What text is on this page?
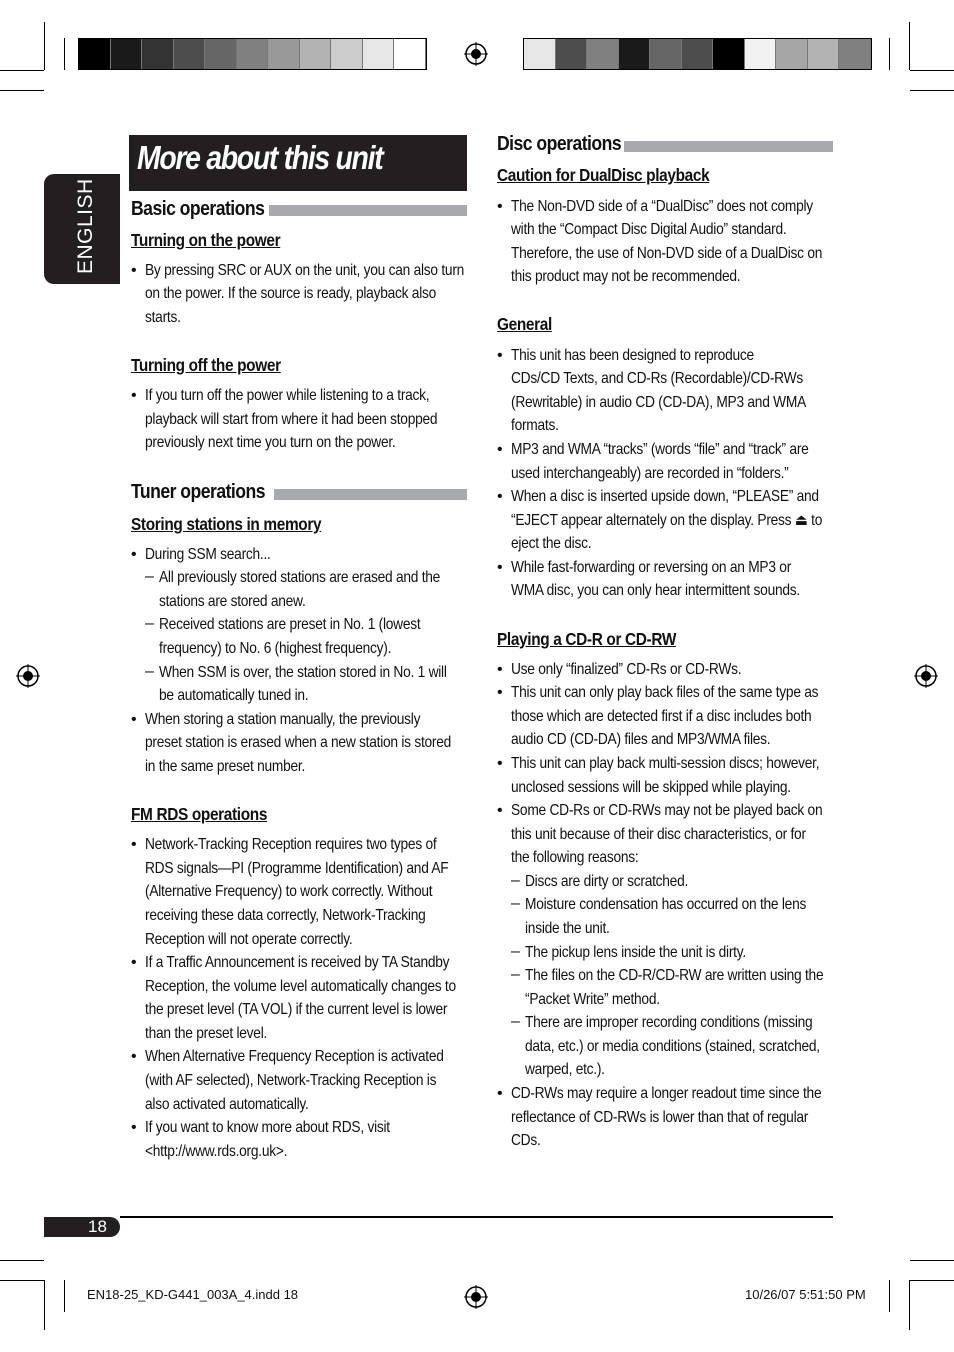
More about this unit
ENGLISH Basic operations
Turning on the power
• By pressing SRC or AUX on the unit, you can also turn
on the power. If the source is ready, playback also
starts.
Turning off the power
• If you turn off the power while listening to a track,
playback will start from where it had been stopped
previously next time you turn on the power.
Tuner operations
Storing stations in memory
• During SSM search...
– All previously stored stations are erased and the
stations are stored anew.
– Received stations are preset in No. 1 (lowest
frequency) to No. 6 (highest frequency).
– When SSM is over, the station stored in No. 1 will
be automatically tuned in.
• When storing a station manually, the previously
preset station is erased when a new station is stored
in the same preset number.
FM RDS operations
• Network-Tracking Reception requires two types of
RDS signals—PI (Programme Identification) and AF
(Alternative Frequency) to work correctly. Without
receiving these data correctly, Network-Tracking
Reception will not operate correctly.
• If a Traffic Announcement is received by TA Standby
Reception, the volume level automatically changes to
the preset level (TA VOL) if the current level is lower
than the preset level.
• When Alternative Frequency Reception is activated
(with AF selected), Network-Tracking Reception is
also activated automatically.
• If you want to know more about RDS, visit
<http://www.rds.org.uk>.
Disc operations
Caution for DualDisc playback
• The Non-DVD side of a “DualDisc” does not comply
with the “Compact Disc Digital Audio” standard.
Therefore, the use of Non-DVD side of a DualDisc on
this product may not be recommended.
General
• This unit has been designed to reproduce
CDs/CD Texts, and CD-Rs (Recordable)/CD-RWs
(Rewritable) in audio CD (CD-DA), MP3 and WMA
formats.
• MP3 and WMA “tracks” (words “file” and “track” are
used interchangeably) are recorded in “folders.”
• When a disc is inserted upside down, “PLEASE” and
“EJECT appear alternately on the display. Press ⏏ to
eject the disc.
• While fast-forwarding or reversing on an MP3 or
WMA disc, you can only hear intermittent sounds.
Playing a CD-R or CD-RW
• Use only “finalized” CD-Rs or CD-RWs.
• This unit can only play back files of the same type as
those which are detected first if a disc includes both
audio CD (CD-DA) files and MP3/WMA files.
• This unit can play back multi-session discs; however,
unclosed sessions will be skipped while playing.
• Some CD-Rs or CD-RWs may not be played back on
this unit because of their disc characteristics, or for
the following reasons:
– Discs are dirty or scratched.
– Moisture condensation has occurred on the lens
inside the unit.
– The pickup lens inside the unit is dirty.
– The files on the CD-R/CD-RW are written using the
“Packet Write” method.
– There are improper recording conditions (missing
data, etc.) or media conditions (stained, scratched,
warped, etc.).
• CD-RWs may require a longer readout time since the
reflectance of CD-RWs is lower than that of regular
CDs.
18
EN18-25_KD-G441_003A_4.indd 18	10/26/07 5:51:50 PM
